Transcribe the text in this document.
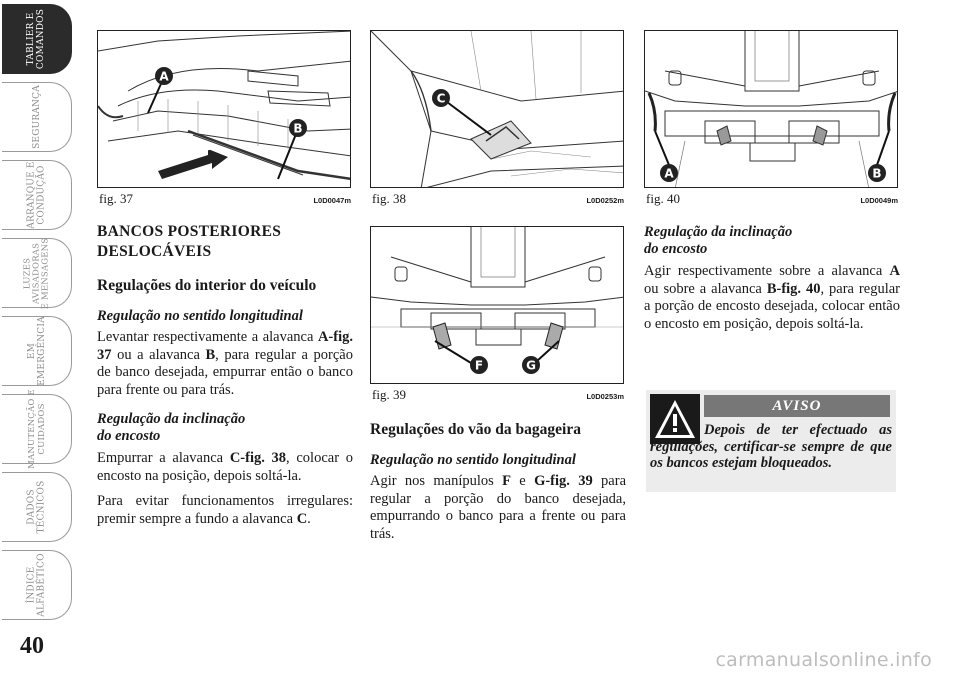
TABLIER E
COMANDOS
SEGURANÇA
ARRANQUE E
CONDUÇÃO
LUZES
AVISADORAS
E MENSAGENS
EM
EMERGÊNCIA
MANUTENÇÃO E
CUIDADOS
DADOS
TÉCNICOS
ÍNDICE
ALFABÉTICO
40
A
B
fig. 37	L0D0047m
C
fig. 38	L0D0252m
A	B
fig. 40	L0D0049m
F	G
fig. 39	L0D0253m
BANCOS POSTERIORES DESLOCÁVEIS
Regulações do interior do veículo
Regulação no sentido longitudinal

Levantar respectivamente a alavanca A-fig. 37 ou a alavanca B, para regular a porção de banco desejada, empurrar então o banco para frente ou para trás.

Regulação da inclinação
do encosto

Empurrar a alavanca C-fig. 38, colocar o encosto na posição, depois soltá-la.

Para evitar funcionamentos irregulares: premir sempre a fundo a alavanca C.

Regulações do vão da bagageira
Regulação no sentido longitudinal

Agir nos manípulos F e G-fig. 39 para regular a porção do banco desejada, empurrando o banco para a frente ou para trás.

Regulação da inclinação
do encosto

Agir respectivamente sobre a alavanca A ou sobre a alavanca B-fig. 40, para regular a porção de encosto desejada, colocar então o encosto em posição, depois soltá-la.

AVISO
Depois de ter efectuado as regulações, certificar-se sempre de que os bancos estejam bloqueados.
carmanualsonline.info
